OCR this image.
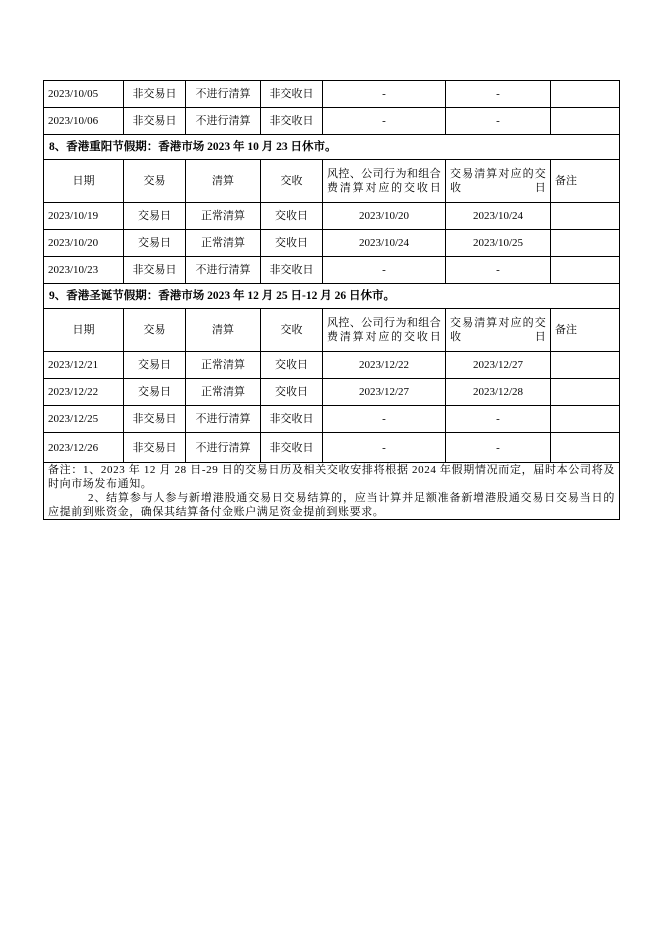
2023/10/05	非交易日	不进行清算	非交收日	-	-	
2023/10/06	非交易日	不进行清算	非交收日	-	-	
8、香港重阳节假期：香港市场 2023 年 10 月 23 日休市。						
日期	交易	清算	交收	风控、公司行为和组合费清算对应的交收日	交易清算对应的交收日	备注
2023/10/19	交易日	正常清算	交收日	2023/10/20	2023/10/24	
2023/10/20	交易日	正常清算	交收日	2023/10/24	2023/10/25	
2023/10/23	非交易日	不进行清算	非交收日	-	-	
9、香港圣诞节假期：香港市场 2023 年 12 月 25 日-12 月 26 日休市。						
日期	交易	清算	交收	风控、公司行为和组合费清算对应的交收日	交易清算对应的交收日	备注
2023/12/21	交易日	正常清算	交收日	2023/12/22	2023/12/27	
2023/12/22	交易日	正常清算	交收日	2023/12/27	2023/12/28	
2023/12/25	非交易日	不进行清算	非交收日	-	-	
2023/12/26	非交易日	不进行清算	非交收日	-	-	

备注：1、2023 年 12 月 28 日-29 日的交易日历及相关交收安排将根据 2024 年假期情况而定，届时本公司将及时向市场发布通知。

2、结算参与人参与新增港股通交易日交易结算的，应当计算并足额准备新增港股通交易日交易当日的应提前到账资金，确保其结算备付金账户满足资金提前到账要求。						
